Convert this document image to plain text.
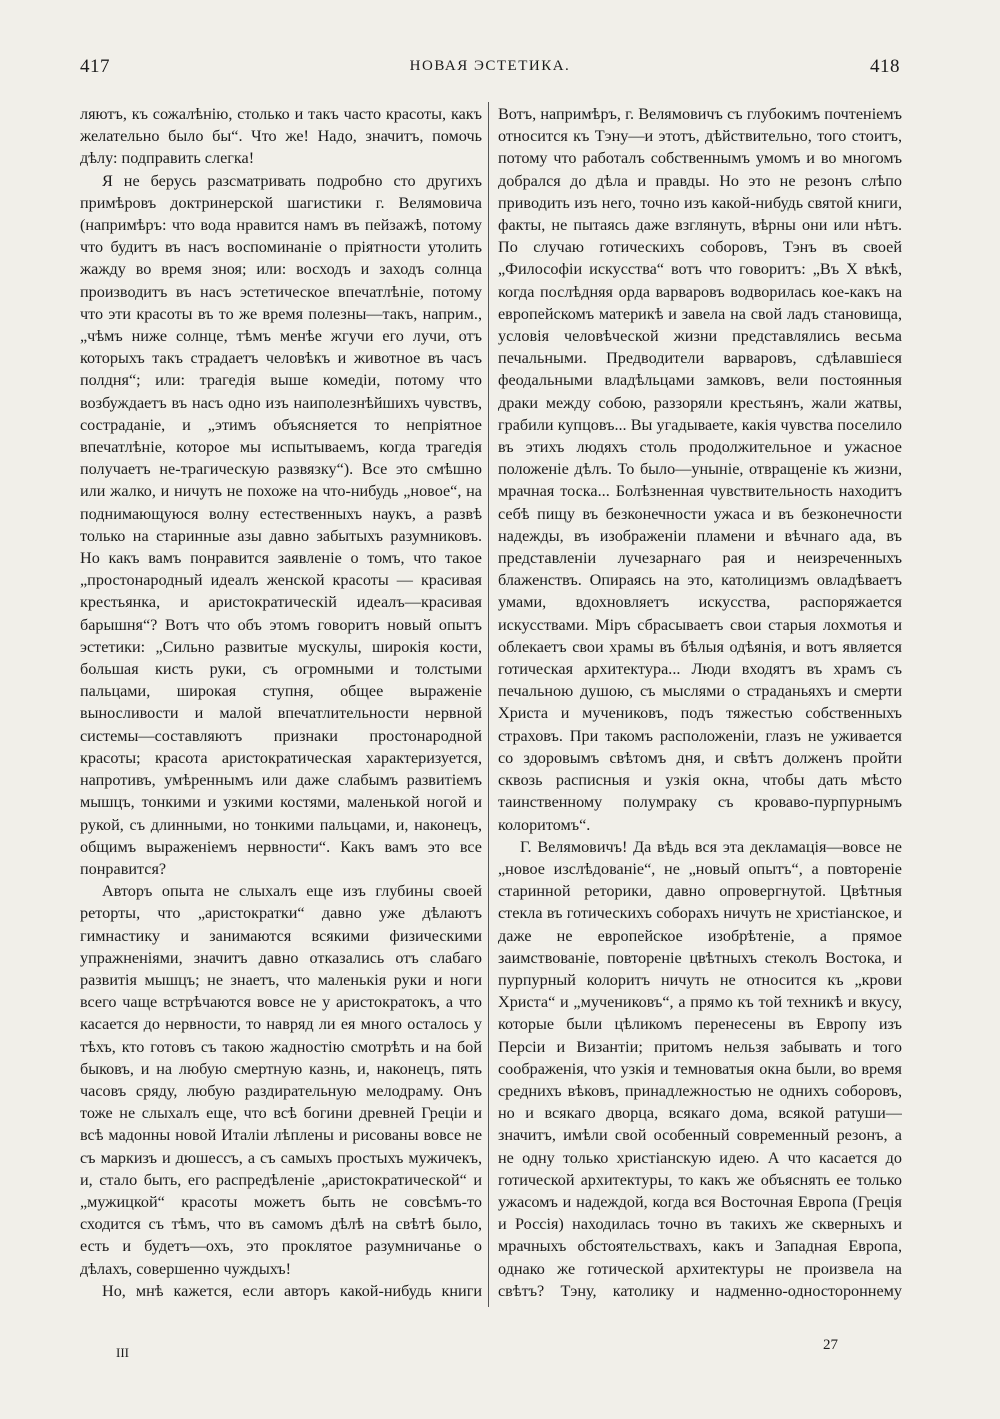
417	НОВАЯ ЭСТЕТИКА.	418

ляютъ, къ сожалѣнію, столько и такъ часто красоты, какъ желательно было бы“. Что же! Надо, значитъ, помочь дѣлу: подправить слегка!

Я не берусь разсматривать подробно сто другихъ примѣровъ доктринерской шагистики г. Велямовича (напримѣръ: что вода нравится намъ въ пейзажѣ, потому что будитъ въ насъ воспоминаніе о пріятности утолить жажду во время зноя; или: восходъ и заходъ солнца производитъ въ насъ эстетическое впечатлѣніе, потому что эти красоты въ то же время полезны—такъ, наприм., „чѣмъ ниже солнце, тѣмъ менѣе жгучи его лучи, отъ которыхъ такъ страдаетъ человѣкъ и животное въ часъ полдня“; или: трагедія выше комедіи, потому что возбуждаетъ въ насъ одно изъ наиполезнѣйшихъ чувствъ, состраданіе, и „этимъ объясняется то непріятное впечатлѣніе, которое мы испытываемъ, когда трагедія получаетъ не-трагическую развязку“). Все это смѣшно или жалко, и ничуть не похоже на что-нибудь „новое“, на поднимающуюся волну естественныхъ наукъ, а развѣ только на старинные азы давно забытыхъ разумниковъ. Но какъ вамъ понравится заявленіе о томъ, что такое „простонародный идеалъ женской красоты — красивая крестьянка, и аристократическій идеалъ—красивая барышня“? Вотъ что объ этомъ говоритъ новый опытъ эстетики: „Сильно развитые мускулы, широкія кости, большая кисть руки, съ огромными и толстыми пальцами, широкая ступня, общее выраженіе выносливости и малой впечатлительности нервной системы—составляютъ признаки простонародной красоты; красота аристократическая характеризуется, напротивъ, умѣреннымъ или даже слабымъ развитіемъ мышцъ, тонкими и узкими костями, маленькой ногой и рукой, съ длинными, но тонкими пальцами, и, наконецъ, общимъ выраженіемъ нервности“. Какъ вамъ это все понравится?

Авторъ опыта не слыхалъ еще изъ глубины своей реторты, что „аристократки“ давно уже дѣлаютъ гимнастику и занимаются всякими физическими упражненіями, значитъ давно отказались отъ слабаго развитія мышцъ; не знаетъ, что маленькія руки и ноги всего чаще встрѣчаются вовсе не у аристократокъ, а что касается до нервности, то навряд ли ея много осталось у тѣхъ, кто готовъ съ такою жадностію смотрѣть и на бой быковъ, и на любую смертную казнь, и, наконецъ, пять часовъ сряду, любую раздирательную мелодраму. Онъ тоже не слыхалъ еще, что всѣ богини древней Греціи и всѣ мадонны новой Италіи лѣплены и рисованы вовсе не съ маркизъ и дюшессъ, а съ самыхъ простыхъ мужичекъ, и, стало быть, его распредѣленіе „аристократической“ и „мужицкой“ красоты можетъ быть не совсѣмъ-то сходится съ тѣмъ, что въ самомъ дѣлѣ на свѣтѣ было, есть и будетъ—охъ, это проклятое разумничанье о дѣлахъ, совершенно чуждыхъ!

Но, мнѣ кажется, если авторъ какой-нибудь книги

Вотъ, напримѣръ, г. Велямовичъ съ глубокимъ почтеніемъ относится къ Тэну—и этотъ, дѣйствительно, того стоитъ, потому что работалъ собственнымъ умомъ и во многомъ добрался до дѣла и правды. Но это не резонъ слѣпо приводить изъ него, точно изъ какой-нибудь святой книги, факты, не пытаясь даже взглянуть, вѣрны они или нѣтъ. По случаю готическихъ соборовъ, Тэнъ въ своей „Философіи искусства“ вотъ что говоритъ: „Въ X вѣкѣ, когда послѣдняя орда варваровъ водворилась кое-какъ на европейскомъ материкѣ и завела на свой ладъ становища, условія человѣческой жизни представлялись весьма печальными. Предводители варваровъ, сдѣлавшіеся феодальными владѣльцами замковъ, вели постоянныя драки между собою, раззоряли крестьянъ, жали жатвы, грабили купцовъ... Вы угадываете, какія чувства поселило въ этихъ людяхъ столь продолжительное и ужасное положеніе дѣлъ. То было—уныніе, отвращеніе къ жизни, мрачная тоска... Болѣзненная чувствительность находитъ себѣ пищу въ безконечности ужаса и въ безконечности надежды, въ изображеніи пламени и вѣчнаго ада, въ представленіи лучезарнаго рая и неизреченныхъ блаженствъ. Опираясь на это, католицизмъ овладѣваетъ умами, вдохновляетъ искусства, распоряжается искусствами. Міръ сбрасываетъ свои старыя лохмотья и облекаетъ свои храмы въ бѣлыя одѣянія, и вотъ является готическая архитектура... Люди входятъ въ храмъ съ печальною душою, съ мыслями о страданьяхъ и смерти Христа и мучениковъ, подъ тяжестью собственныхъ страховъ. При такомъ расположеніи, глазъ не уживается со здоровымъ свѣтомъ дня, и свѣтъ долженъ пройти сквозь расписныя и узкія окна, чтобы дать мѣсто таинственному полумраку съ кроваво-пурпурнымъ колоритомъ“.

Г. Велямовичъ! Да вѣдь вся эта декламація—вовсе не „новое изслѣдованіе“, не „новый опытъ“, а повтореніе старинной реторики, давно опровергнутой. Цвѣтныя стекла въ готическихъ соборахъ ничуть не христіанское, и даже не европейское изобрѣтеніе, а прямое заимствованіе, повтореніе цвѣтныхъ стеколъ Востока, и пурпурный колоритъ ничуть не относится къ „крови Христа“ и „мучениковъ“, а прямо къ той техникѣ и вкусу, которые были цѣликомъ перенесены въ Европу изъ Персіи и Византіи; притомъ нельзя забывать и того соображенія, что узкія и темноватыя окна были, во время среднихъ вѣковъ, принадлежностью не однихъ соборовъ, но и всякаго дворца, всякаго дома, всякой ратуши—значитъ, имѣли свой особенный современный резонъ, а не одну только христіанскую идею. А что касается до готической архитектуры, то какъ же объяснять ее только ужасомъ и надеждой, когда вся Восточная Европа (Греція и Россія) находилась точно въ такихъ же скверныхъ и мрачныхъ обстоятельствахъ, какъ и Западная Европа, однако же готической архитектуры не произвела на свѣтъ? Тэну, католику и надменно-одностороннему

III	27
